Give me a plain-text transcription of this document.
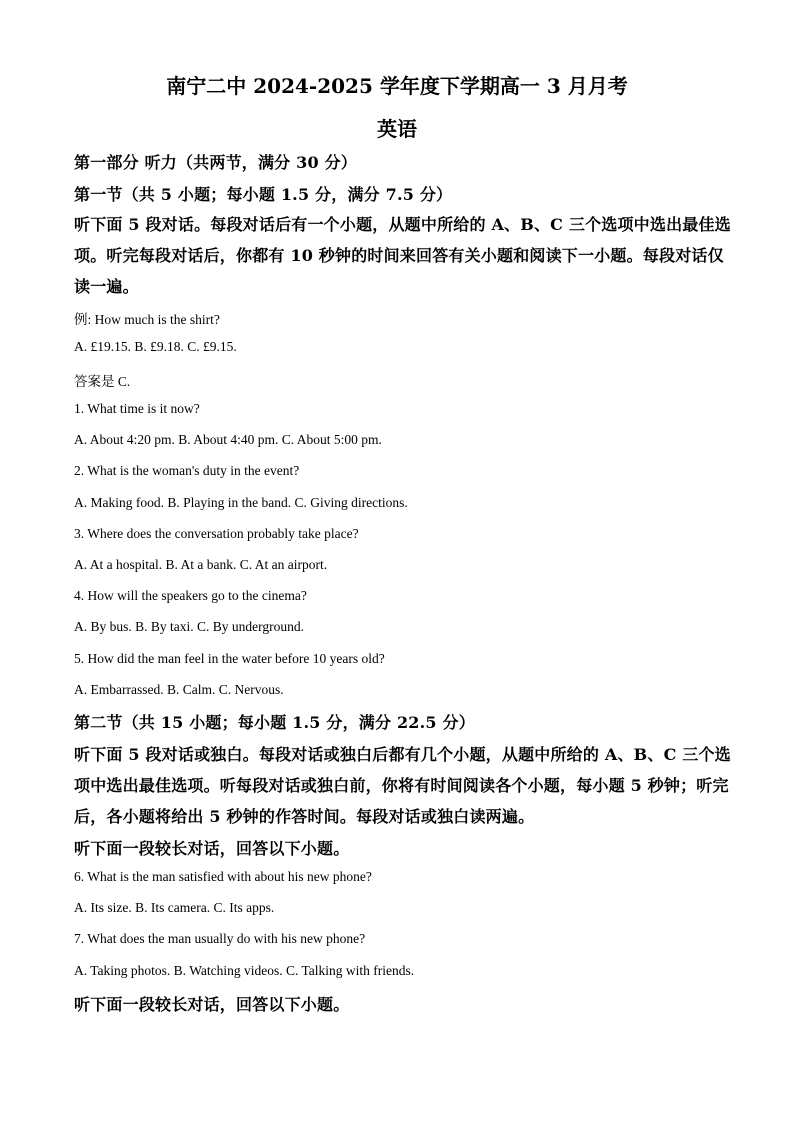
南宁二中 2024-2025 学年度下学期高一 3 月月考
英语
第一部分 听力（共两节，满分 30 分）
第一节（共 5 小题；每小题 1.5 分，满分 7.5 分）
听下面 5 段对话。每段对话后有一个小题，从题中所给的 A、B、C 三个选项中选出最佳选
项。听完每段对话后，你都有 10 秒钟的时间来回答有关小题和阅读下一小题。每段对话仅
读一遍。
例: How much is the shirt?
A. £19.15. B. £9.18. C. £9.15.
答案是 C.
1. What time is it now?
A. About 4:20 pm. B. About 4:40 pm. C. About 5:00 pm.
2. What is the woman's duty in the event?
A. Making food. B. Playing in the band. C. Giving directions.
3. Where does the conversation probably take place?
A. At a hospital. B. At a bank. C. At an airport.
4. How will the speakers go to the cinema?
A. By bus. B. By taxi. C. By underground.
5. How did the man feel in the water before 10 years old?
A. Embarrassed. B. Calm. C. Nervous.
第二节（共 15 小题；每小题 1.5 分，满分 22.5 分）
听下面 5 段对话或独白。每段对话或独白后都有几个小题，从题中所给的 A、B、C 三个选
项中选出最佳选项。听每段对话或独白前，你将有时间阅读各个小题，每小题 5 秒钟；听完
后，各小题将给出 5 秒钟的作答时间。每段对话或独白读两遍。
听下面一段较长对话，回答以下小题。
6. What is the man satisfied with about his new phone?
A. Its size. B. Its camera. C. Its apps.
7. What does the man usually do with his new phone?
A. Taking photos. B. Watching videos. C. Talking with friends.
听下面一段较长对话，回答以下小题。
